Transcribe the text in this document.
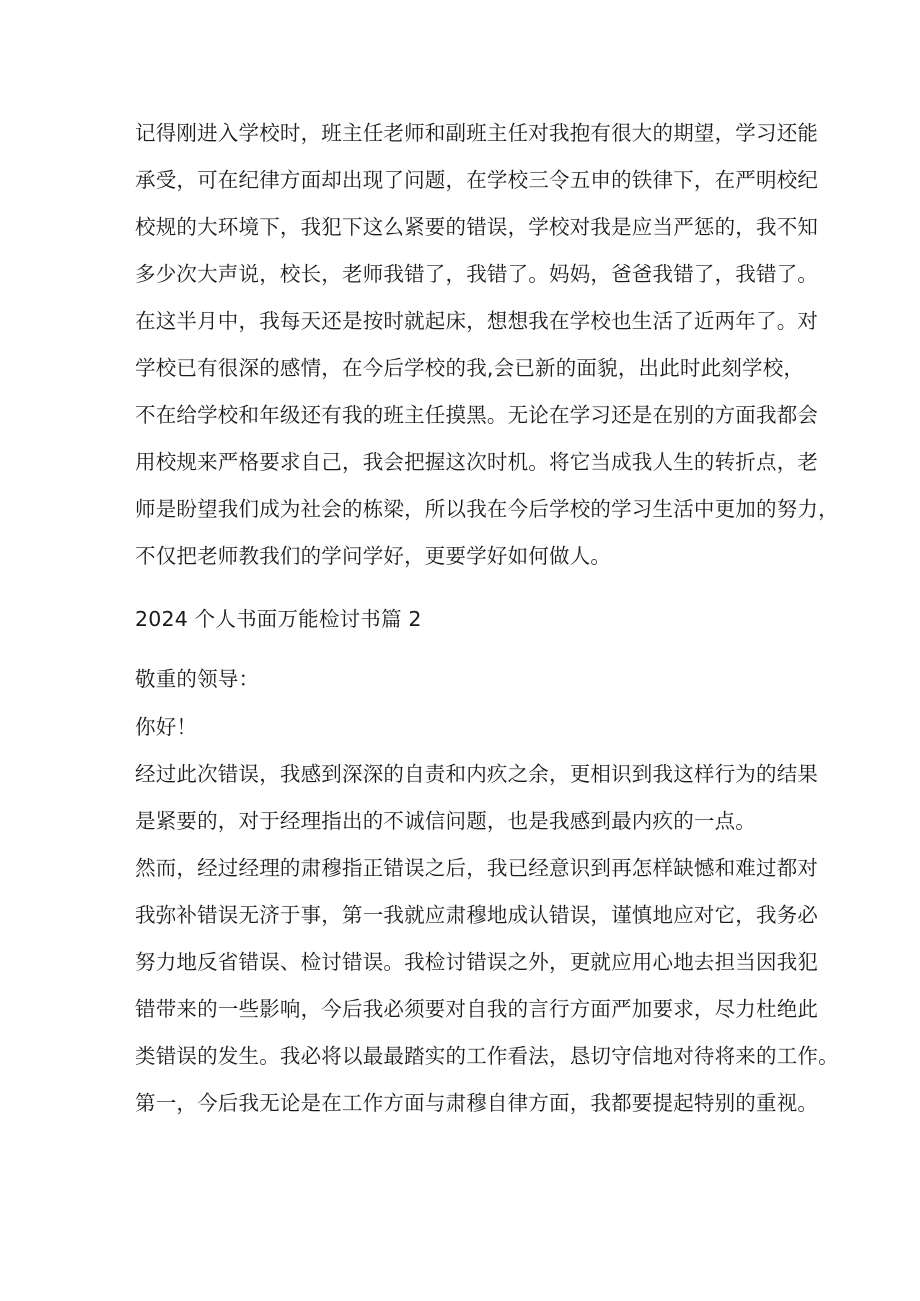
记得刚进入学校时，班主任老师和副班主任对我抱有很大的期望，学习还能

承受，可在纪律方面却出现了问题，在学校三令五申的铁律下，在严明校纪

校规的大环境下，我犯下这么紧要的错误，学校对我是应当严惩的，我不知

多少次大声说，校长，老师我错了，我错了。妈妈，爸爸我错了，我错了。

在这半月中，我每天还是按时就起床，想想我在学校也生活了近两年了。对

学校已有很深的感情，在今后学校的我,会已新的面貌，出此时此刻学校，

不在给学校和年级还有我的班主任摸黑。无论在学习还是在别的方面我都会

用校规来严格要求自己，我会把握这次时机。将它当成我人生的转折点，老

师是盼望我们成为社会的栋梁，所以我在今后学校的学习生活中更加的努力，

不仅把老师教我们的学问学好，更要学好如何做人。

2024 个人书面万能检讨书篇 2

敬重的领导：

你好！

经过此次错误，我感到深深的自责和内疚之余，更相识到我这样行为的结果

是紧要的，对于经理指出的不诚信问题，也是我感到最内疚的一点。

然而，经过经理的肃穆指正错误之后，我已经意识到再怎样缺憾和难过都对

我弥补错误无济于事，第一我就应肃穆地成认错误，谨慎地应对它，我务必

努力地反省错误、检讨错误。我检讨错误之外，更就应用心地去担当因我犯

错带来的一些影响，今后我必须要对自我的言行方面严加要求，尽力杜绝此

类错误的发生。我必将以最最踏实的工作看法，恳切守信地对待将来的工作。

第一，今后我无论是在工作方面与肃穆自律方面，我都要提起特别的重视。
